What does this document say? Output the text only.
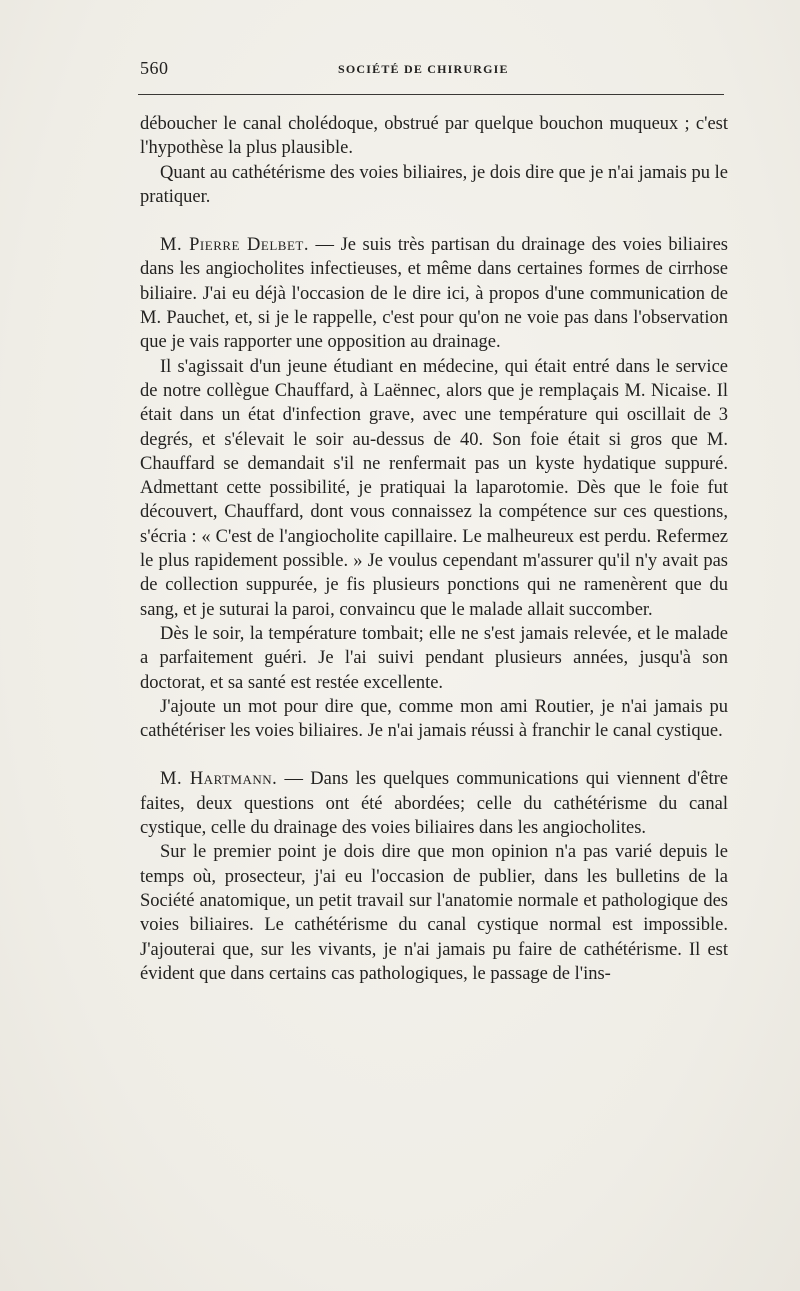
560	SOCIÉTÉ DE CHIRURGIE

déboucher le canal cholédoque, obstrué par quelque bouchon muqueux ; c'est l'hypothèse la plus plausible.

Quant au cathétérisme des voies biliaires, je dois dire que je n'ai jamais pu le pratiquer.

M. Pierre Delbet. — Je suis très partisan du drainage des voies biliaires dans les angiocholites infectieuses, et même dans certaines formes de cirrhose biliaire. J'ai eu déjà l'occasion de le dire ici, à propos d'une communication de M. Pauchet, et, si je le rappelle, c'est pour qu'on ne voie pas dans l'observation que je vais rapporter une opposition au drainage.

Il s'agissait d'un jeune étudiant en médecine, qui était entré dans le service de notre collègue Chauffard, à Laënnec, alors que je remplaçais M. Nicaise. Il était dans un état d'infection grave, avec une température qui oscillait de 3 degrés, et s'élevait le soir au-dessus de 40. Son foie était si gros que M. Chauffard se demandait s'il ne renfermait pas un kyste hydatique suppuré. Admettant cette possibilité, je pratiquai la laparotomie. Dès que le foie fut découvert, Chauffard, dont vous connaissez la compétence sur ces questions, s'écria : « C'est de l'angiocholite capillaire. Le malheureux est perdu. Refermez le plus rapidement possible. » Je voulus cependant m'assurer qu'il n'y avait pas de collection suppurée, je fis plusieurs ponctions qui ne ramenèrent que du sang, et je suturai la paroi, convaincu que le malade allait succomber.

Dès le soir, la température tombait; elle ne s'est jamais relevée, et le malade a parfaitement guéri. Je l'ai suivi pendant plusieurs années, jusqu'à son doctorat, et sa santé est restée excellente.

J'ajoute un mot pour dire que, comme mon ami Routier, je n'ai jamais pu cathétériser les voies biliaires. Je n'ai jamais réussi à franchir le canal cystique.

M. Hartmann. — Dans les quelques communications qui viennent d'être faites, deux questions ont été abordées; celle du cathétérisme du canal cystique, celle du drainage des voies biliaires dans les angiocholites.

Sur le premier point je dois dire que mon opinion n'a pas varié depuis le temps où, prosecteur, j'ai eu l'occasion de publier, dans les bulletins de la Société anatomique, un petit travail sur l'anatomie normale et pathologique des voies biliaires. Le cathétérisme du canal cystique normal est impossible. J'ajouterai que, sur les vivants, je n'ai jamais pu faire de cathétérisme. Il est évident que dans certains cas pathologiques, le passage de l'ins-
